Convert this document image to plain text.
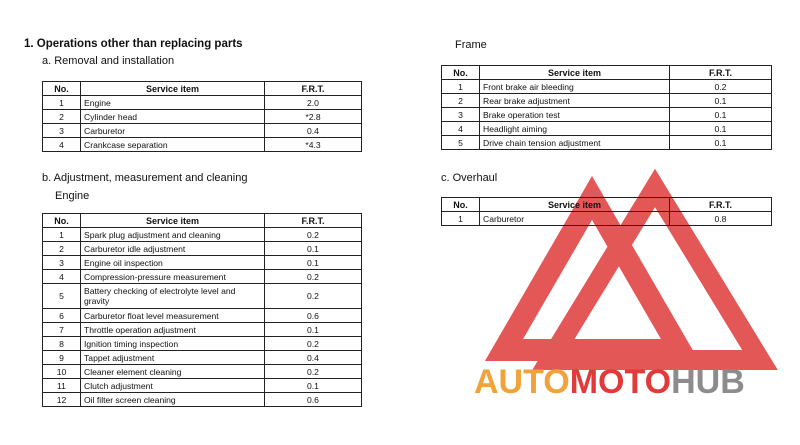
1. Operations other than replacing parts
a. Removal and installation
No.	Service item	F.R.T.
1	Engine	2.0
2	Cylinder head	*2.8
3	Carburetor	0.4
4	Crankcase separation	*4.3
b. Adjustment, measurement and cleaning
Engine
No.	Service item	F.R.T.
1	Spark plug adjustment and cleaning	0.2
2	Carburetor idle adjustment	0.1
3	Engine oil inspection	0.1
4	Compression-pressure measurement	0.2
5	Battery checking of electrolyte level and gravity	0.2
6	Carburetor float level measurement	0.6
7	Throttle operation adjustment	0.1
8	Ignition timing inspection	0.2
9	Tappet adjustment	0.4
10	Cleaner element cleaning	0.2
11	Clutch adjustment	0.1
12	Oil filter screen cleaning	0.6	AUTOMOTOHUB
Frame
No.	Service item	F.R.T.
1	Front brake air bleeding	0.2
2	Rear brake adjustment	0.1
3	Brake operation test	0.1
4	Headlight aiming	0.1
5	Drive chain tension adjustment	0.1
c. Overhaul
No.	Service item	F.R.T.
1	Carburetor	0.8
